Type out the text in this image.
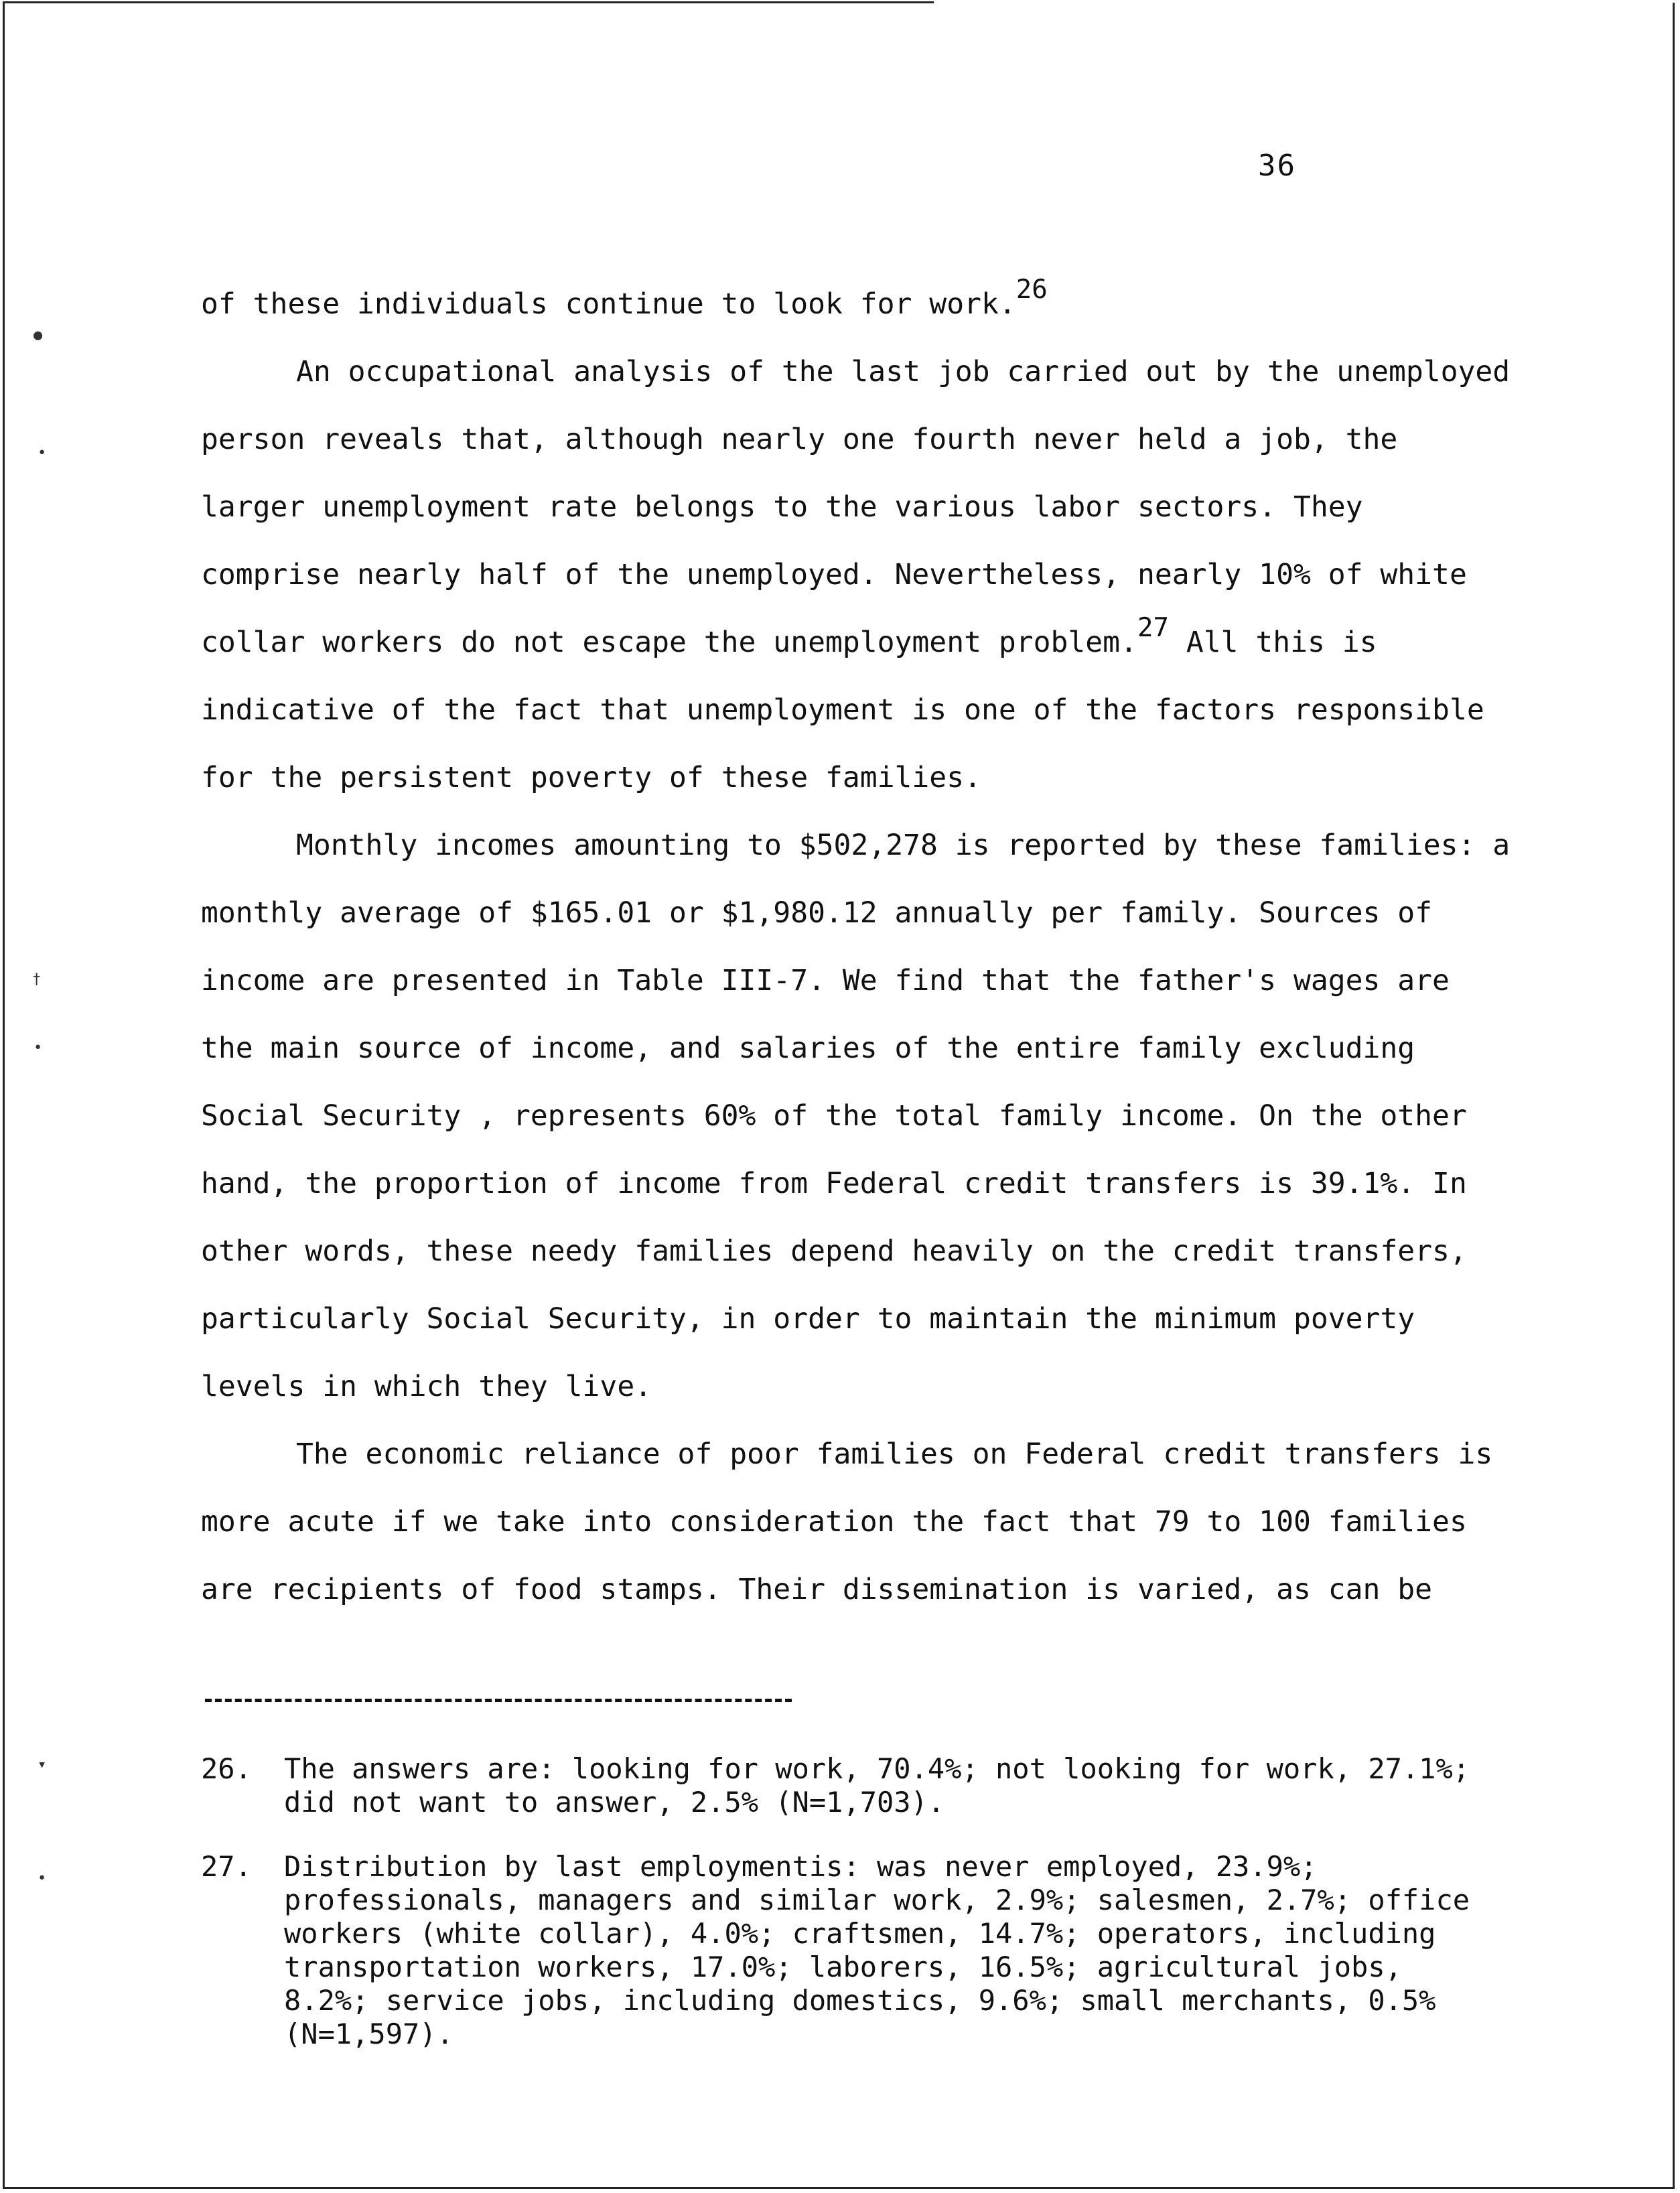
●
•
†
•
▾
•
36

of these individuals continue to look for work.$^{26}$

An occupational analysis of the last job carried out by the unemployed person reveals that, although nearly one fourth never held a job, the larger unemployment rate belongs to the various labor sectors. They comprise nearly half of the unemployed. Nevertheless, nearly 10% of white collar workers do not escape the unemployment problem.$^{27}$ All this is indicative of the fact that unemployment is one of the factors responsible for the persistent poverty of these families.

Monthly incomes amounting to $502,278 is reported by these families: a monthly average of $165.01 or $1,980.12 annually per family. Sources of income are presented in Table III-7. We find that the father's wages are the main source of income, and salaries of the entire family excluding Social Security , represents 60% of the total family income. On the other hand, the proportion of income from Federal credit transfers is 39.1%. In other words, these needy families depend heavily on the credit transfers, particularly Social Security, in order to maintain the minimum poverty levels in which they live.

The economic reliance of poor families on Federal credit transfers is more acute if we take into consideration the fact that 79 to 100 families are recipients of food stamps. Their dissemination is varied, as can be

26.	The answers are: looking for work, 70.4%; not looking for work, 27.1%; did not want to answer, 2.5% (N=1,703).
27.	Distribution by last employmentis: was never employed, 23.9%; professionals, managers and similar work, 2.9%; salesmen, 2.7%; office workers (white collar), 4.0%; craftsmen, 14.7%; operators, including transportation workers, 17.0%; laborers, 16.5%; agricultural jobs, 8.2%; service jobs, including domestics, 9.6%; small merchants, 0.5% (N=1,597).
